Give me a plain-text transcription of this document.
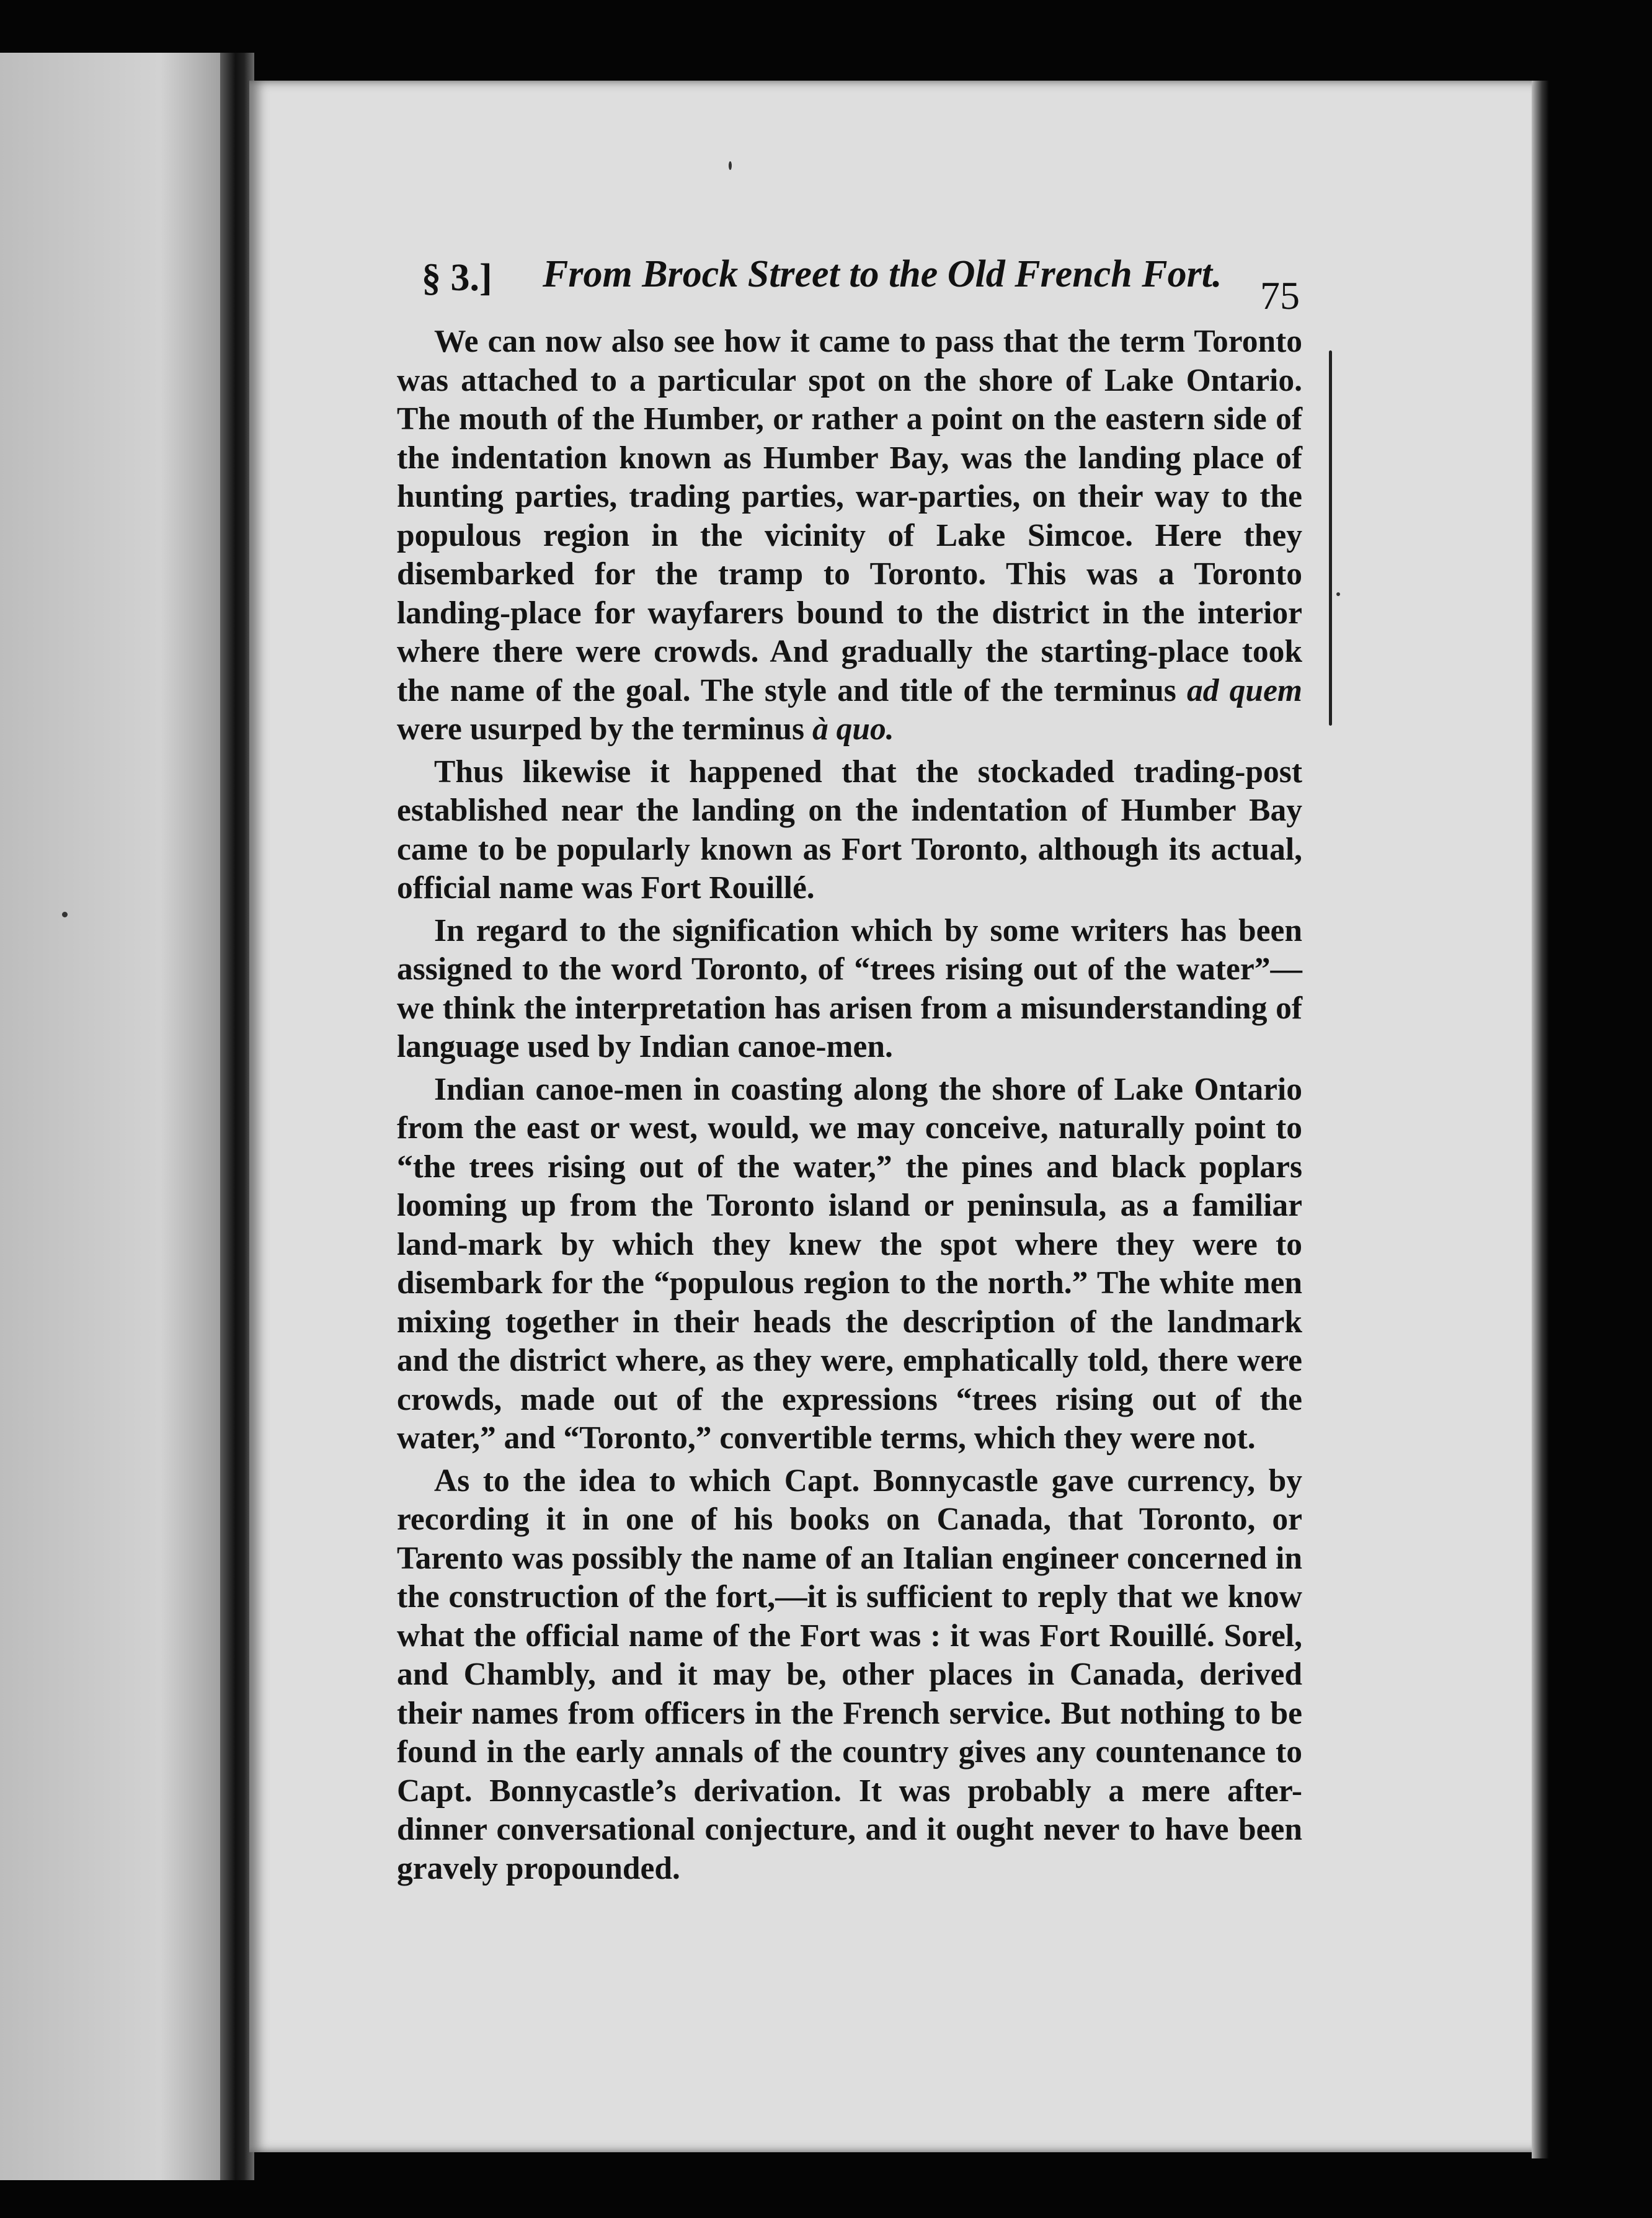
§ 3.] From Brock Street to the Old French Fort. 75

We can now also see how it came to pass that the term Toronto was attached to a particular spot on the shore of Lake Ontario. The mouth of the Humber, or rather a point on the eastern side of the indentation known as Humber Bay, was the landing place of hunting parties, trading parties, war-parties, on their way to the populous region in the vicinity of Lake Simcoe. Here they disembarked for the tramp to Toronto. This was a Toronto landing-place for wayfarers bound to the district in the interior where there were crowds. And gradually the starting-place took the name of the goal. The style and title of the terminus ad quem were usurped by the terminus à quo.

Thus likewise it happened that the stockaded trading-post established near the landing on the indentation of Humber Bay came to be popularly known as Fort Toronto, although its actual, official name was Fort Rouillé.

In regard to the signification which by some writers has been assigned to the word Toronto, of “trees rising out of the water”—we think the interpretation has arisen from a misunderstanding of language used by Indian canoe-men.

Indian canoe-men in coasting along the shore of Lake Ontario from the east or west, would, we may conceive, naturally point to “the trees rising out of the water,” the pines and black poplars looming up from the Toronto island or peninsula, as a familiar land-mark by which they knew the spot where they were to disembark for the “populous region to the north.” The white men mixing together in their heads the description of the landmark and the district where, as they were, emphatically told, there were crowds, made out of the expressions “trees rising out of the water,” and “Toronto,” convertible terms, which they were not.

As to the idea to which Capt. Bonnycastle gave currency, by recording it in one of his books on Canada, that Toronto, or Tarento was possibly the name of an Italian engineer concerned in the construction of the fort,—it is sufficient to reply that we know what the official name of the Fort was : it was Fort Rouillé. Sorel, and Chambly, and it may be, other places in Canada, derived their names from officers in the French service. But nothing to be found in the early annals of the country gives any countenance to Capt. Bonnycastle’s derivation. It was probably a mere after-dinner conversational conjecture, and it ought never to have been gravely propounded.
